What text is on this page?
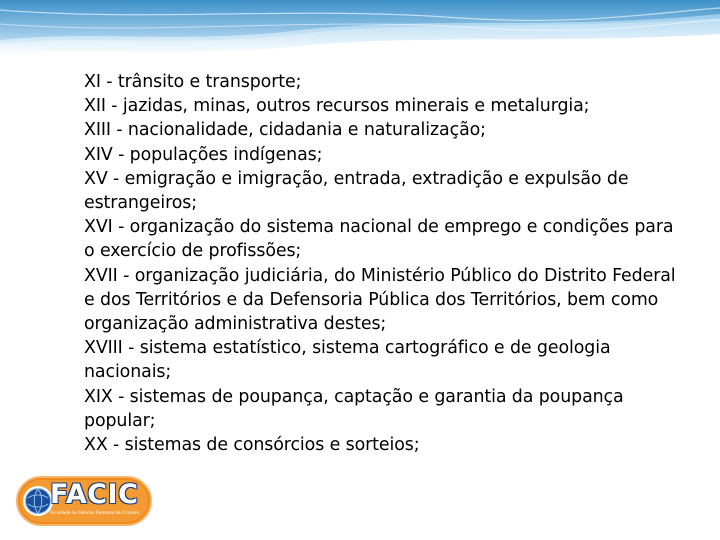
XI - trânsito e transporte;
XII - jazidas, minas, outros recursos minerais e metalurgia;
XIII - nacionalidade, cidadania e naturalização;
XIV - populações indígenas;
XV - emigração e imigração, entrada, extradição e expulsão de estrangeiros;
XVI - organização do sistema nacional de emprego e condições para o exercício de profissões;
XVII - organização judiciária, do Ministério Público do Distrito Federal e dos Territórios e da Defensoria Pública dos Territórios, bem como organização administrativa destes;
XVIII - sistema estatístico, sistema cartográfico e de geologia nacionais;
XIX - sistemas de poupança, captação e garantia da poupança popular;
XX - sistemas de consórcios e sorteios;
FACIC
Faculdade de Ciências Humanas de Cruzeiro
